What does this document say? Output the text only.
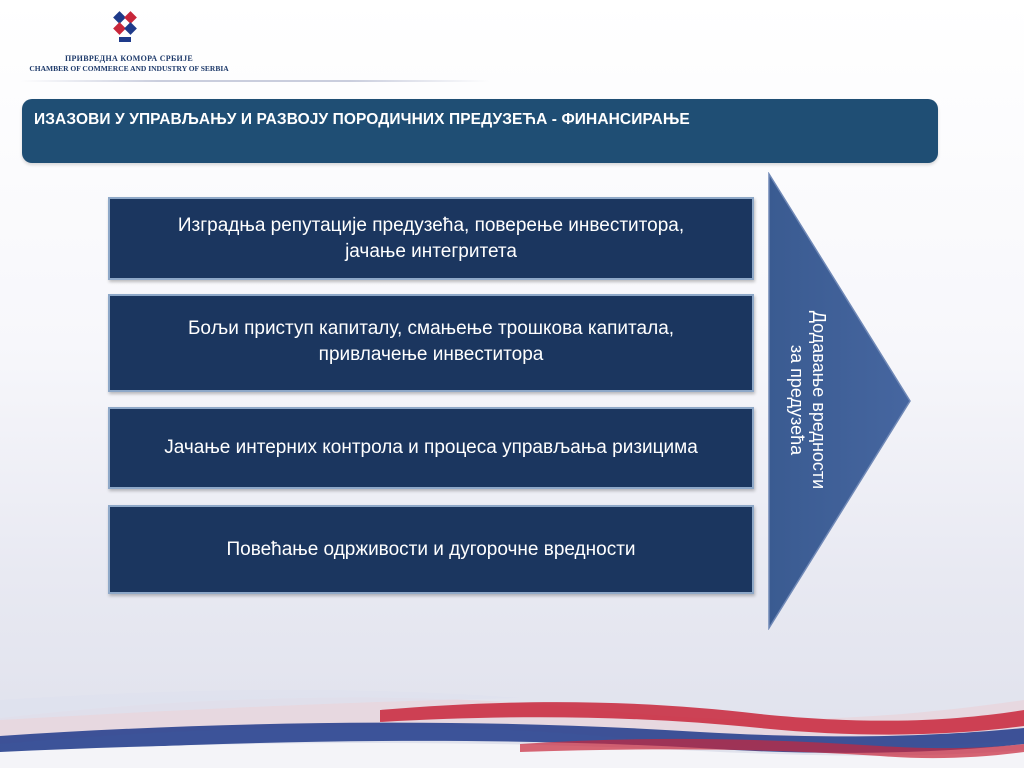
ПРИВРЕДНА КОМОРА СРБИЈЕ
CHAMBER OF COMMERCE AND INDUSTRY OF SERBIA
ИЗАЗОВИ У УПРАВЉАЊУ И РАЗВОЈУ ПОРОДИЧНИХ ПРЕДУЗЕЋА - ФИНАНСИРАЊЕ
Изградња репутације предузећа, поверење инвеститора,
јачање интегритета
Бољи приступ капиталу, смањење трошкова капитала,
привлачење инвеститора
Јачање интерних контрола и процеса управљања ризицима
Повећање одрживости и дугорочне вредности
Додавање вредности
за предузећа
